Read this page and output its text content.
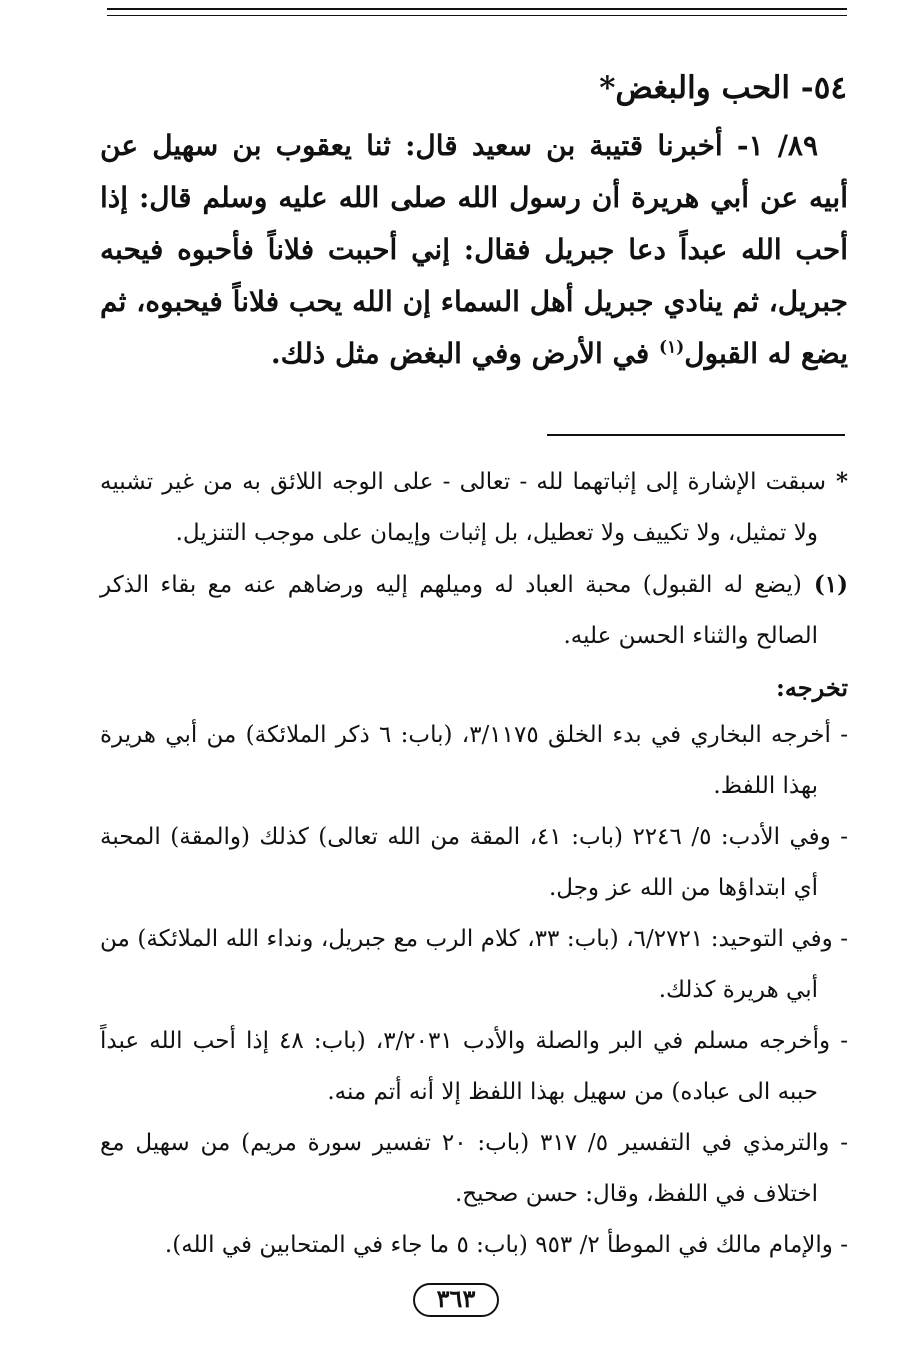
٥٤- الحب والبغض*

٨٩/ ١- أخبرنا قتيبة بن سعيد قال: ثنا يعقوب بن سهيل عن أبيه عن أبي هريرة أن رسول الله صلى الله عليه وسلم قال: إذا أحب الله عبداً دعا جبريل فقال: إني أحببت فلاناً فأحبوه فيحبه جبريل، ثم ينادي جبريل أهل السماء إن الله يحب فلاناً فيحبوه، ثم يضع له القبول$^{(١)}$ في الأرض وفي البغض مثل ذلك.

* سبقت الإشارة إلى إثباتهما لله - تعالى - على الوجه اللائق به من غير تشبيه ولا تمثيل، ولا تكييف ولا تعطيل، بل إثبات وإيمان على موجب التنزيل.

(١) (يضع له القبول) محبة العباد له وميلهم إليه ورضاهم عنه مع بقاء الذكر الصالح والثناء الحسن عليه.

تخرجه:
- أخرجه البخاري في بدء الخلق ٣/١١٧٥، (باب: ٦ ذكر الملائكة) من أبي هريرة بهذا اللفظ.
- وفي الأدب: ٥/ ٢٢٤٦ (باب: ٤١، المقة من الله تعالى) كذلك (والمقة) المحبة أي ابتداؤها من الله عز وجل.
- وفي التوحيد: ٦/٢٧٢١، (باب: ٣٣، كلام الرب مع جبريل، ونداء الله الملائكة) من أبي هريرة كذلك.
- وأخرجه مسلم في البر والصلة والأدب ٣/٢٠٣١، (باب: ٤٨ إذا أحب الله عبداً حببه الى عباده) من سهيل بهذا اللفظ إلا أنه أتم منه.
- والترمذي في التفسير ٥/ ٣١٧ (باب: ٢٠ تفسير سورة مريم) من سهيل مع اختلاف في اللفظ، وقال: حسن صحيح.
- والإمام مالك في الموطأ ٢/ ٩٥٣ (باب: ٥ ما جاء في المتحابين في الله).
٣٦٣
